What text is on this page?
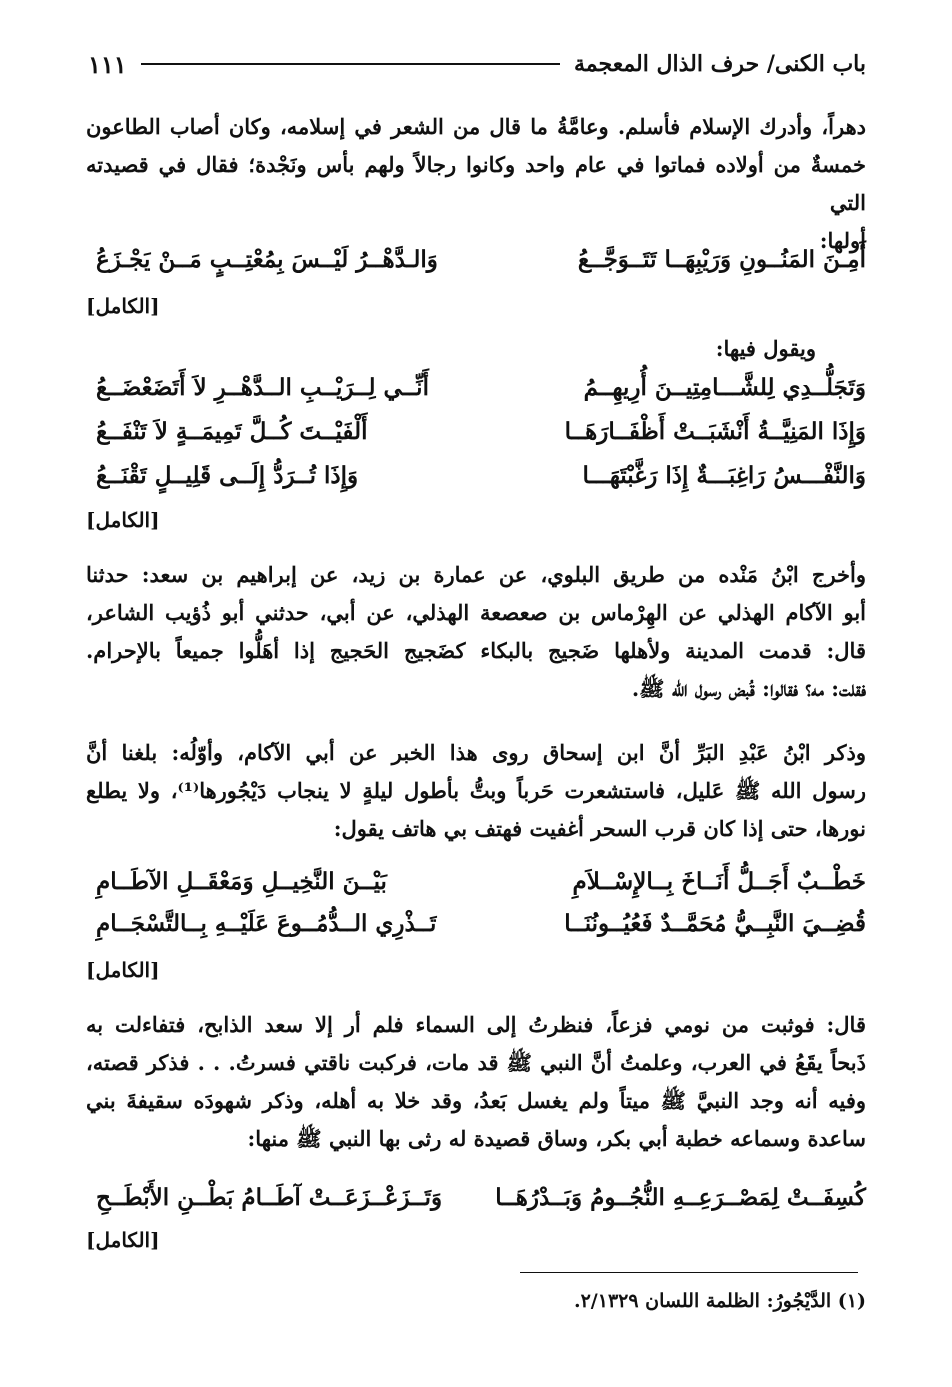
باب الكنى/ حرف الذال المعجمة
١١١

دهراً، وأدرك الإسلام فأسلم. وعامَّةُ ما قال من الشعر في إسلامه، وكان أصاب الطاعون
خمسةٌ من أولاده فماتوا في عام واحد وكانوا رجالاً ولهم بأس ونَجْدة؛ فقال في قصيدته التي
أولها:

أَمِـنَ المَنُــونِ وَرَيْبِهَــا تَتَــوَجَّــعُ
وَالـدَّهْــرُ لَيْــسَ بِمُعْتِــبٍ مَــنْ يَجْـزَعُ
[الكامل]

ويقول فيها:

وَتَجَلُّــدِي لِلشَّـــامِتِيــنَ أُرِيهِــمُ
أَنِّــي لِــرَيْــبِ الــدَّهْــرِ لاَ أَتَضَعْضَــعُ
وَإِذَا المَنِيَّــةُ أَنْشَبَــتْ أَظْفَــارَهَــا
أَلْفَيْــتَ كُــلَّ تَمِيمَــةٍ لاَ تَنْفَــعُ
وَالنَّفْـــسُ رَاغِبَـــةٌ إِذَا رَغَّبْتَهَـــا
وَإِذَا تُــرَدُّ إِلَــى قَلِيــلٍ تَقْنَــعُ
[الكامل]

وأخرج ابْنُ مَنْده من طريق البلوي، عن عمارة بن زيد، عن إبراهيم بن سعد: حدثنا
أبو الآكام الهذلي عن الهِرْماس بن صعصعة الهذلي، عن أبي، حدثني أبو ذُؤيب الشاعر،
قال: قدمت المدينة ولأهلها ضَجيج بالبكاء كضَجيج الحَجيج إذا أهَلُّوا جميعاً بالإحرام.
فقلت: مه؟ فقالوا: قُبض رسول الله ﷺ.

وذكر ابْنُ عَبْدِ البَرِّ أنَّ ابن إسحاق روى هذا الخبر عن أبي الآكام، وأوّلُه: بلغنا أنَّ
رسول الله ﷺ عَليل، فاستشعرت حَرباً وبتُّ بأطول ليلةٍ لا ينجاب دَيْجُورها⁽¹⁾، ولا يطلع
نورها، حتى إذا كان قرب السحر أغفيت فهتف بي هاتف يقول:

خَطْــبٌ أَجَــلُّ أَنَــاخَ بِــالإِسْــلاَمِ
بَيْــنَ النَّخِيــلِ وَمَعْقَــلِ الآطَــامِ
قُضِــيَ النَّبِــيُّ مُحَمَّــدٌ فَعُيُــونُنَــا
تَــذْرِي الــدُّمُــوعَ عَلَيْــهِ بِــالتَّسْجَــامِ
[الكامل]

قال: فوثبت من نومي فزعاً، فنظرتُ إلى السماء فلم أر إلا سعد الذابح، فتفاءلت به
ذَبحاً يقَعُ في العرب، وعلمتُ أنَّ النبي ﷺ قد مات، فركبت ناقتي فسرتُ. . . فذكر قصته،
وفيه أنه وجد النبيَّ ﷺ ميتاً ولم يغسل بَعدُ، وقد خلا به أهله، وذكر شهودَه سقيفةَ بني
ساعدة وسماعه خطبة أبي بكر، وساق قصيدة له رثى بها النبي ﷺ منها:

كُسِفَــتْ لِمَصْــرَعِــهِ النُّجُــومُ وَبَــدْرُهَــا
وَتَــزَعْــزَعَــتْ آطَــامُ بَطْــنِ الأَبْطَــحِ
[الكامل]
(١) الدَّيْجُورُ: الظلمة اللسان ٢/١٣٢٩.
